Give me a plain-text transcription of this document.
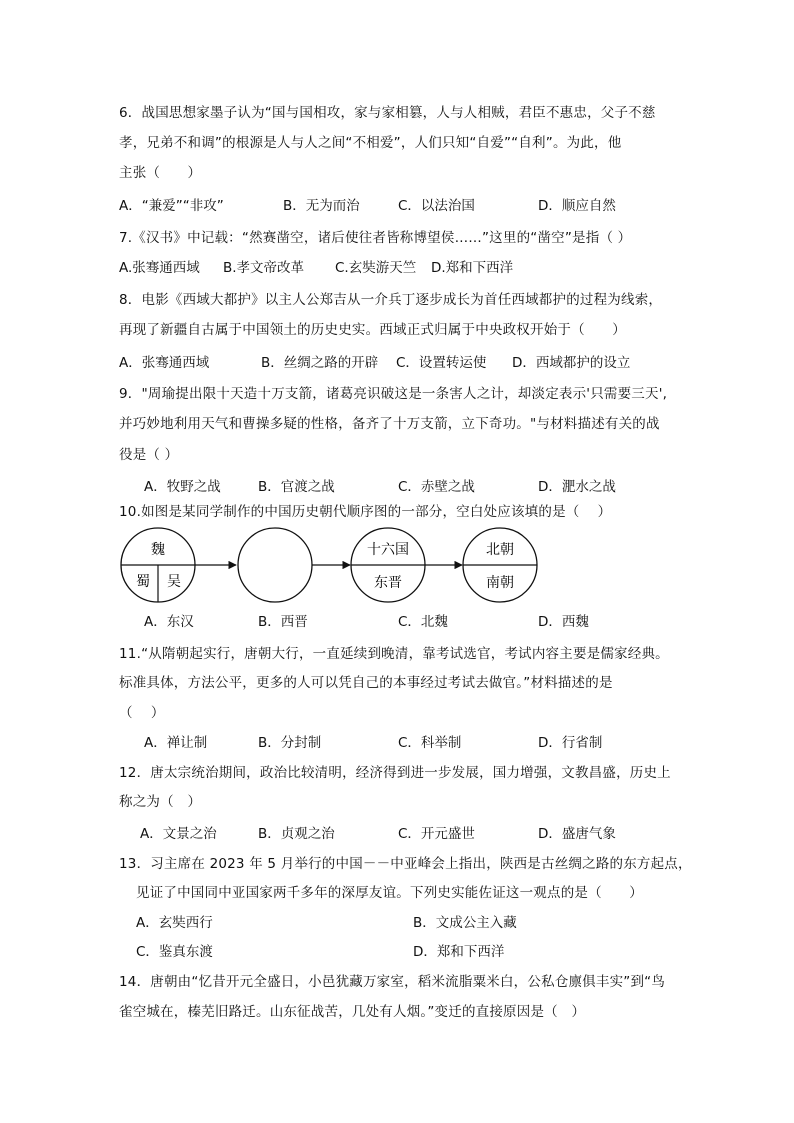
6．战国思想家墨子认为“国与国相攻，家与家相篡，人与人相贼，君臣不惠忠，父子不慈
孝，兄弟不和调”的根源是人与人之间“不相爱”，人们只知“自爱”“自利”。为此，他
主张（　　）
A．“兼爱”“非攻”	B．无为而治	C．以法治国	D．顺应自然
7.《汉书》中记载：“然赛凿空，诸后使往者皆称博望侯……”这里的“凿空”是指（ ）
A.张骞通西域 B.孝文帝改革 C.玄奘游天竺 D.郑和下西洋
8．电影《西域大都护》以主人公郑吉从一介兵丁逐步成长为首任西域都护的过程为线索，
再现了新疆自古属于中国领土的历史史实。西域正式归属于中央政权开始于（　　）
A．张骞通西域	B．丝绸之路的开辟 C．设置转运使 D．西域都护的设立
9．"周瑜提出限十天造十万支箭，诸葛亮识破这是一条害人之计，却淡定表示'只需要三天',
并巧妙地利用天气和曹操多疑的性格，备齐了十万支箭，立下奇功。"与材料描述有关的战
役是（ ）
A．牧野之战	B．官渡之战	C．赤壁之战	D．淝水之战
10.如图是某同学制作的中国历史朝代顺序图的一部分，空白处应该填的是（　 ）
魏
蜀 吴
十六国
东晋
北朝
南朝
A．东汉	B．西晋	C．北魏	D．西魏
11.“从隋朝起实行，唐朝大行，一直延续到晚清，靠考试选官，考试内容主要是儒家经典。
标准具体，方法公平，更多的人可以凭自己的本事经过考试去做官。”材料描述的是
（　 ）
A．禅让制	B．分封制	C．科举制	D．行省制
12．唐太宗统治期间，政治比较清明，经济得到进一步发展，国力增强，文教昌盛，历史上
称之为（　）
A．文景之治	B．贞观之治	C．开元盛世	D．盛唐气象
13．习主席在 2023 年 5 月举行的中国－－中亚峰会上指出，陕西是古丝绸之路的东方起点，
见证了中国同中亚国家两千多年的深厚友谊。下列史实能佐证这一观点的是（　　）
A．玄奘西行	B．文成公主入藏
C．鉴真东渡	D．郑和下西洋
14．唐朝由“忆昔开元全盛日，小邑犹藏万家室，稻米流脂粟米白，公私仓廪俱丰实”到“鸟
雀空城在，榛芜旧路迁。山东征战苦，几处有人烟。”变迁的直接原因是（　）
